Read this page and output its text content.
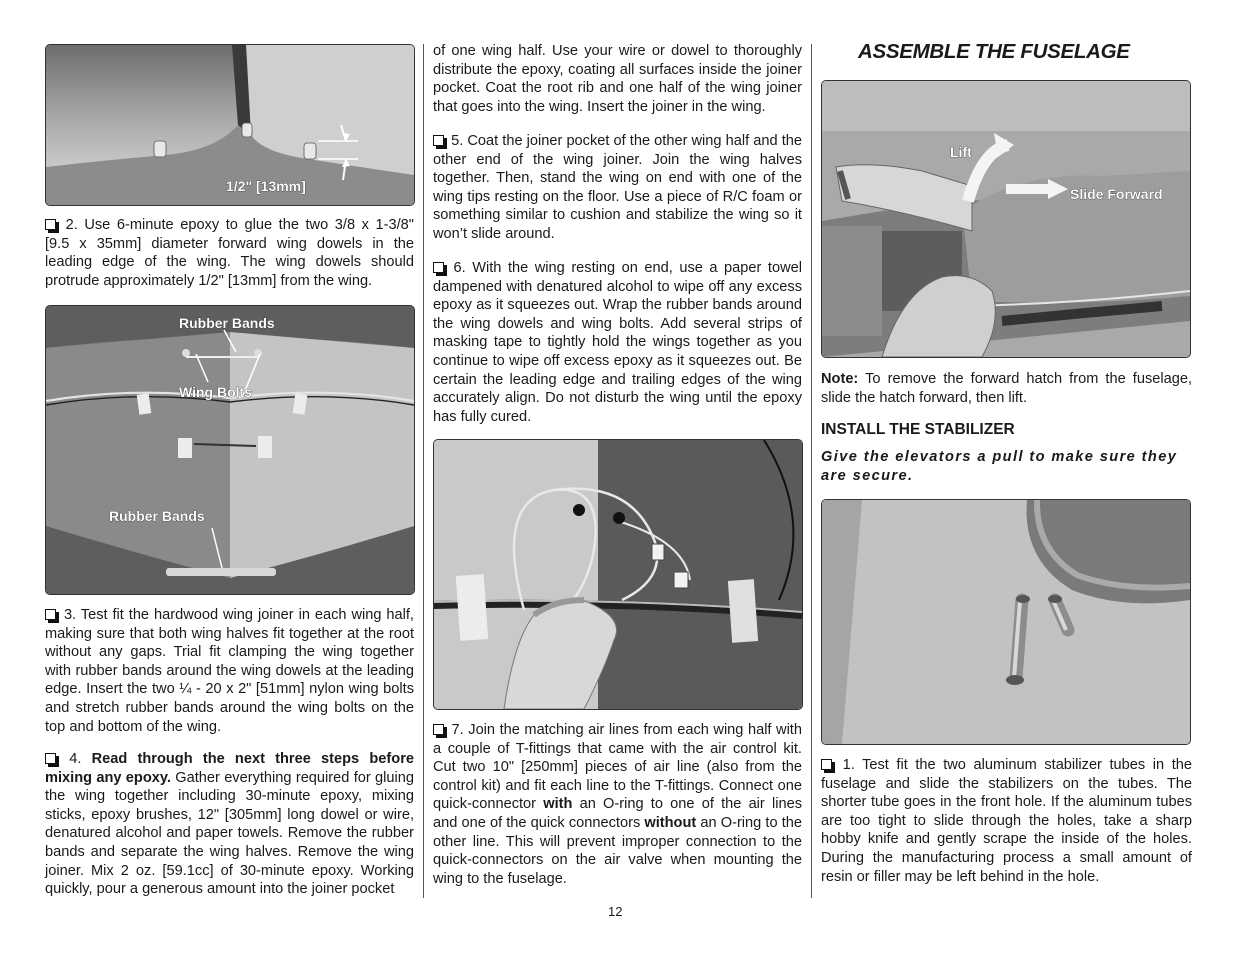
1/2" [13mm]

2. Use 6-minute epoxy to glue the two 3/8 x 1-3/8" [9.5 x 35mm] diameter forward wing dowels in the leading edge of the wing. The wing dowels should protrude approximately 1/2" [13mm] from the wing.

Rubber Bands
Wing Bolts
Rubber Bands

3. Test fit the hardwood wing joiner in each wing half, making sure that both wing halves fit together at the root without any gaps. Trial fit clamping the wing together with rubber bands around the wing dowels at the leading edge. Insert the two ¼ - 20 x 2" [51mm] nylon wing bolts and stretch rubber bands around the wing bolts on the top and bottom of the wing.

4. Read through the next three steps before mixing any epoxy. Gather everything required for gluing the wing together including 30-minute epoxy, mixing sticks, epoxy brushes, 12" [305mm] long dowel or wire, denatured alcohol and paper towels. Remove the rubber bands and separate the wing halves. Remove the wing joiner. Mix 2 oz. [59.1cc] of 30-minute epoxy. Working quickly, pour a generous amount into the joiner pocket

of one wing half. Use your wire or dowel to thoroughly distribute the epoxy, coating all surfaces inside the joiner pocket. Coat the root rib and one half of the wing joiner that goes into the wing. Insert the joiner in the wing.

5. Coat the joiner pocket of the other wing half and the other end of the wing joiner. Join the wing halves together. Then, stand the wing on end with one of the wing tips resting on the floor. Use a piece of R/C foam or something similar to cushion and stabilize the wing so it won’t slide around.

6. With the wing resting on end, use a paper towel dampened with denatured alcohol to wipe off any excess epoxy as it squeezes out. Wrap the rubber bands around the wing dowels and wing bolts. Add several strips of masking tape to tightly hold the wings together as you continue to wipe off excess epoxy as it squeezes out. Be certain the leading edge and trailing edges of the wing accurately align. Do not disturb the wing until the epoxy has fully cured.

7. Join the matching air lines from each wing half with a couple of T-fittings that came with the air control kit. Cut two 10" [250mm] pieces of air line (also from the control kit) and fit each line to the T-fittings. Connect one quick-connector with an O-ring to one of the air lines and one of the quick connectors without an O-ring to the other line. This will prevent improper connection to the quick-connectors on the air valve when mounting the wing to the fuselage.

ASSEMBLE THE FUSELAGE
Lift
Slide Forward

Note: To remove the forward hatch from the fuselage, slide the hatch forward, then lift.

INSTALL THE STABILIZER

Give the elevators a pull to make sure they are secure.

1. Test fit the two aluminum stabilizer tubes in the fuselage and slide the stabilizers on the tubes. The shorter tube goes in the front hole. If the aluminum tubes are too tight to slide through the holes, take a sharp hobby knife and gently scrape the inside of the holes. During the manufacturing process a small amount of resin or filler may be left behind in the hole.

12
